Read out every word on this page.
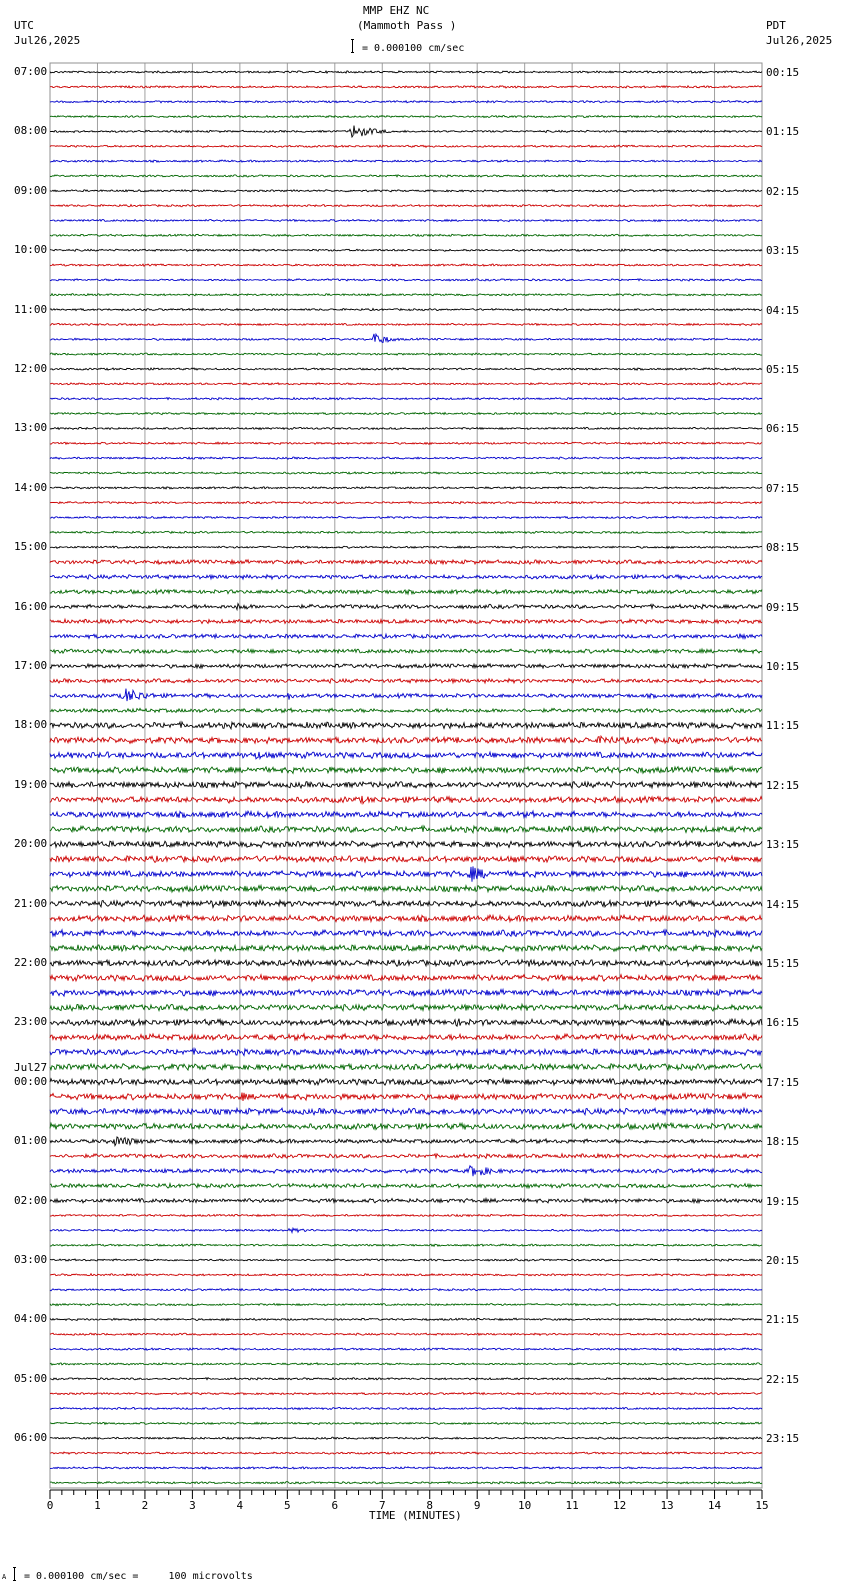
0	1	2	3	4	5	6	7	8	9	10	11	12	13	14	15
MMP EHZ NC
(Mammoth Pass )
= 0.000100 cm/sec
UTC
Jul26,2025
PDT
Jul26,2025
07:00
08:00
09:00
10:00
11:00
12:00
13:00
14:00
15:00
16:00
17:00
18:00
19:00
20:00
21:00
22:00
23:00
00:00
01:00
02:00
03:00
04:00
05:00
06:00
00:15
01:15
02:15
03:15
04:15
05:15
06:15
07:15
08:15
09:15
10:15
11:15
12:15
13:15
14:15
15:15
16:15
17:15
18:15
19:15
20:15
21:15
22:15
23:15
Jul27
TIME (MINUTES)
A = 0.000100 cm/sec =     100 microvolts
